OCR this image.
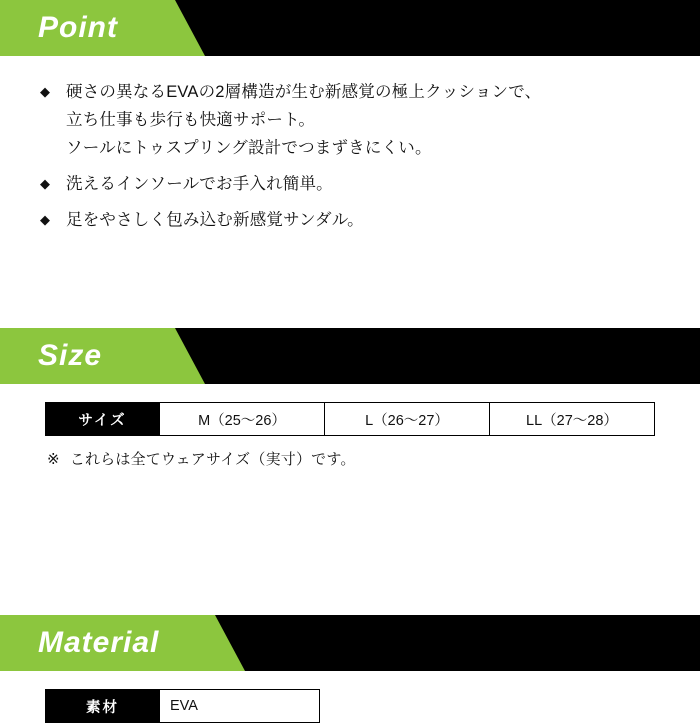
Point
◆ 硬さの異なるEVAの2層構造が生む新感覚の極上クッションで、
立ち仕事も歩行も快適サポート。
ソールにトゥスプリング設計でつまずきにくい。
◆ 洗えるインソールでお手入れ簡単。
◆ 足をやさしく包み込む新感覚サンダル。
Size
サイズ	M（25〜26）	L（26〜27）	LL（27〜28）
※ これらは全てウェアサイズ（実寸）です。
Material
素材	EVA
